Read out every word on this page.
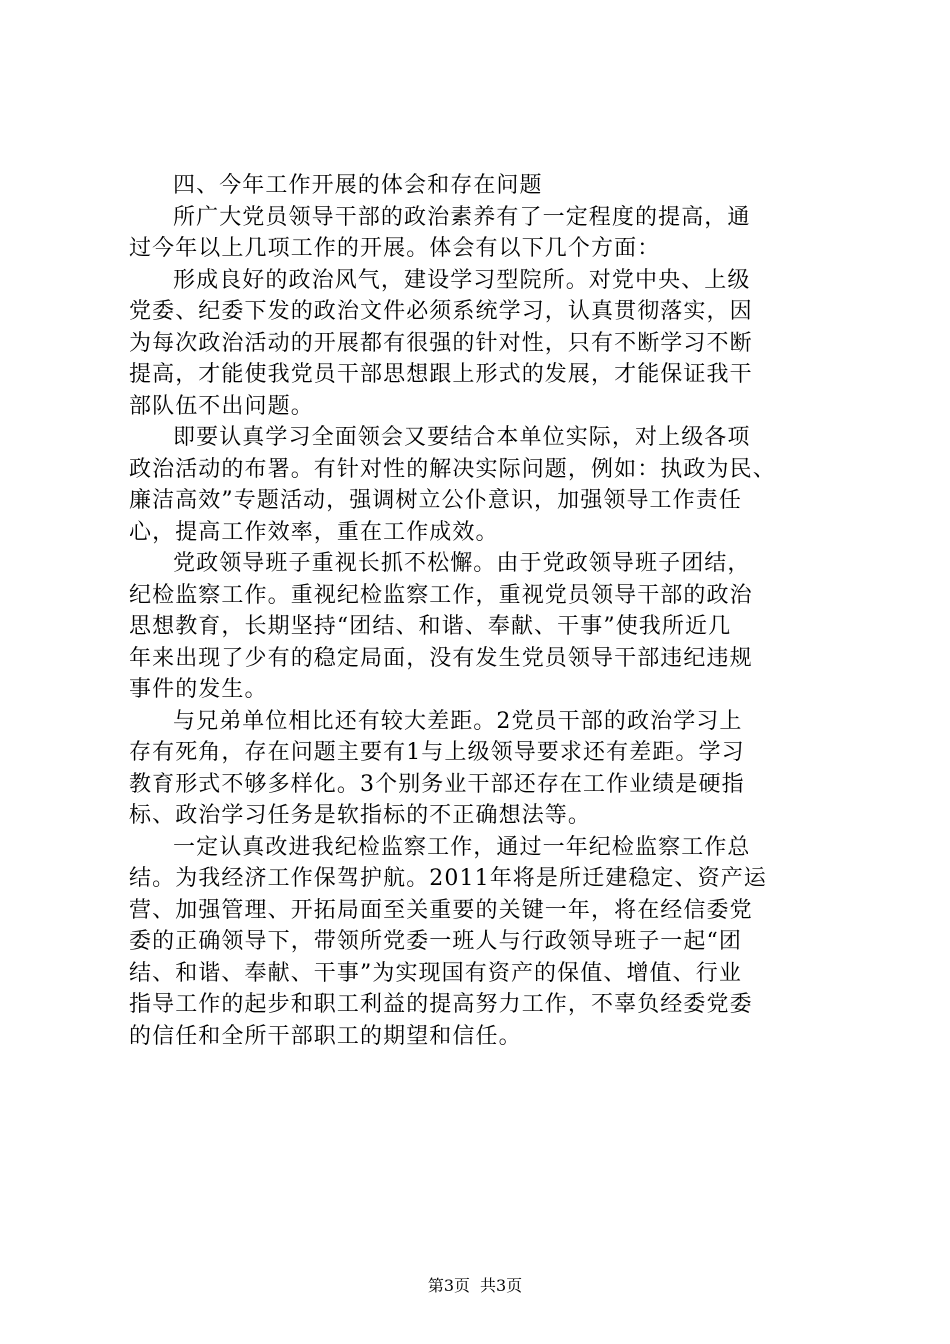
四、今年工作开展的体会和存在问题
所广大党员领导干部的政治素养有了一定程度的提高，通
过今年以上几项工作的开展。体会有以下几个方面：
形成良好的政治风气，建设学习型院所。对党中央、上级
党委、纪委下发的政治文件必须系统学习，认真贯彻落实，因
为每次政治活动的开展都有很强的针对性，只有不断学习不断
提高，才能使我党员干部思想跟上形式的发展，才能保证我干
部队伍不出问题。
即要认真学习全面领会又要结合本单位实际，对上级各项
政治活动的布署。有针对性的解决实际问题，例如：执政为民、
廉洁高效”专题活动，强调树立公仆意识，加强领导工作责任
心，提高工作效率，重在工作成效。
党政领导班子重视长抓不松懈。由于党政领导班子团结，
纪检监察工作。重视纪检监察工作，重视党员领导干部的政治
思想教育，长期坚持“团结、和谐、奉献、干事”使我所近几
年来出现了少有的稳定局面，没有发生党员领导干部违纪违规
事件的发生。
与兄弟单位相比还有较大差距。2党员干部的政治学习上
存有死角，存在问题主要有1与上级领导要求还有差距。学习
教育形式不够多样化。3个别务业干部还存在工作业绩是硬指
标、政治学习任务是软指标的不正确想法等。
一定认真改进我纪检监察工作，通过一年纪检监察工作总
结。为我经济工作保驾护航。2011年将是所迁建稳定、资产运
营、加强管理、开拓局面至关重要的关键一年，将在经信委党
委的正确领导下，带领所党委一班人与行政领导班子一起“团
结、和谐、奉献、干事”为实现国有资产的保值、增值、行业
指导工作的起步和职工利益的提高努力工作，不辜负经委党委
的信任和全所干部职工的期望和信任。
第3页 共3页
